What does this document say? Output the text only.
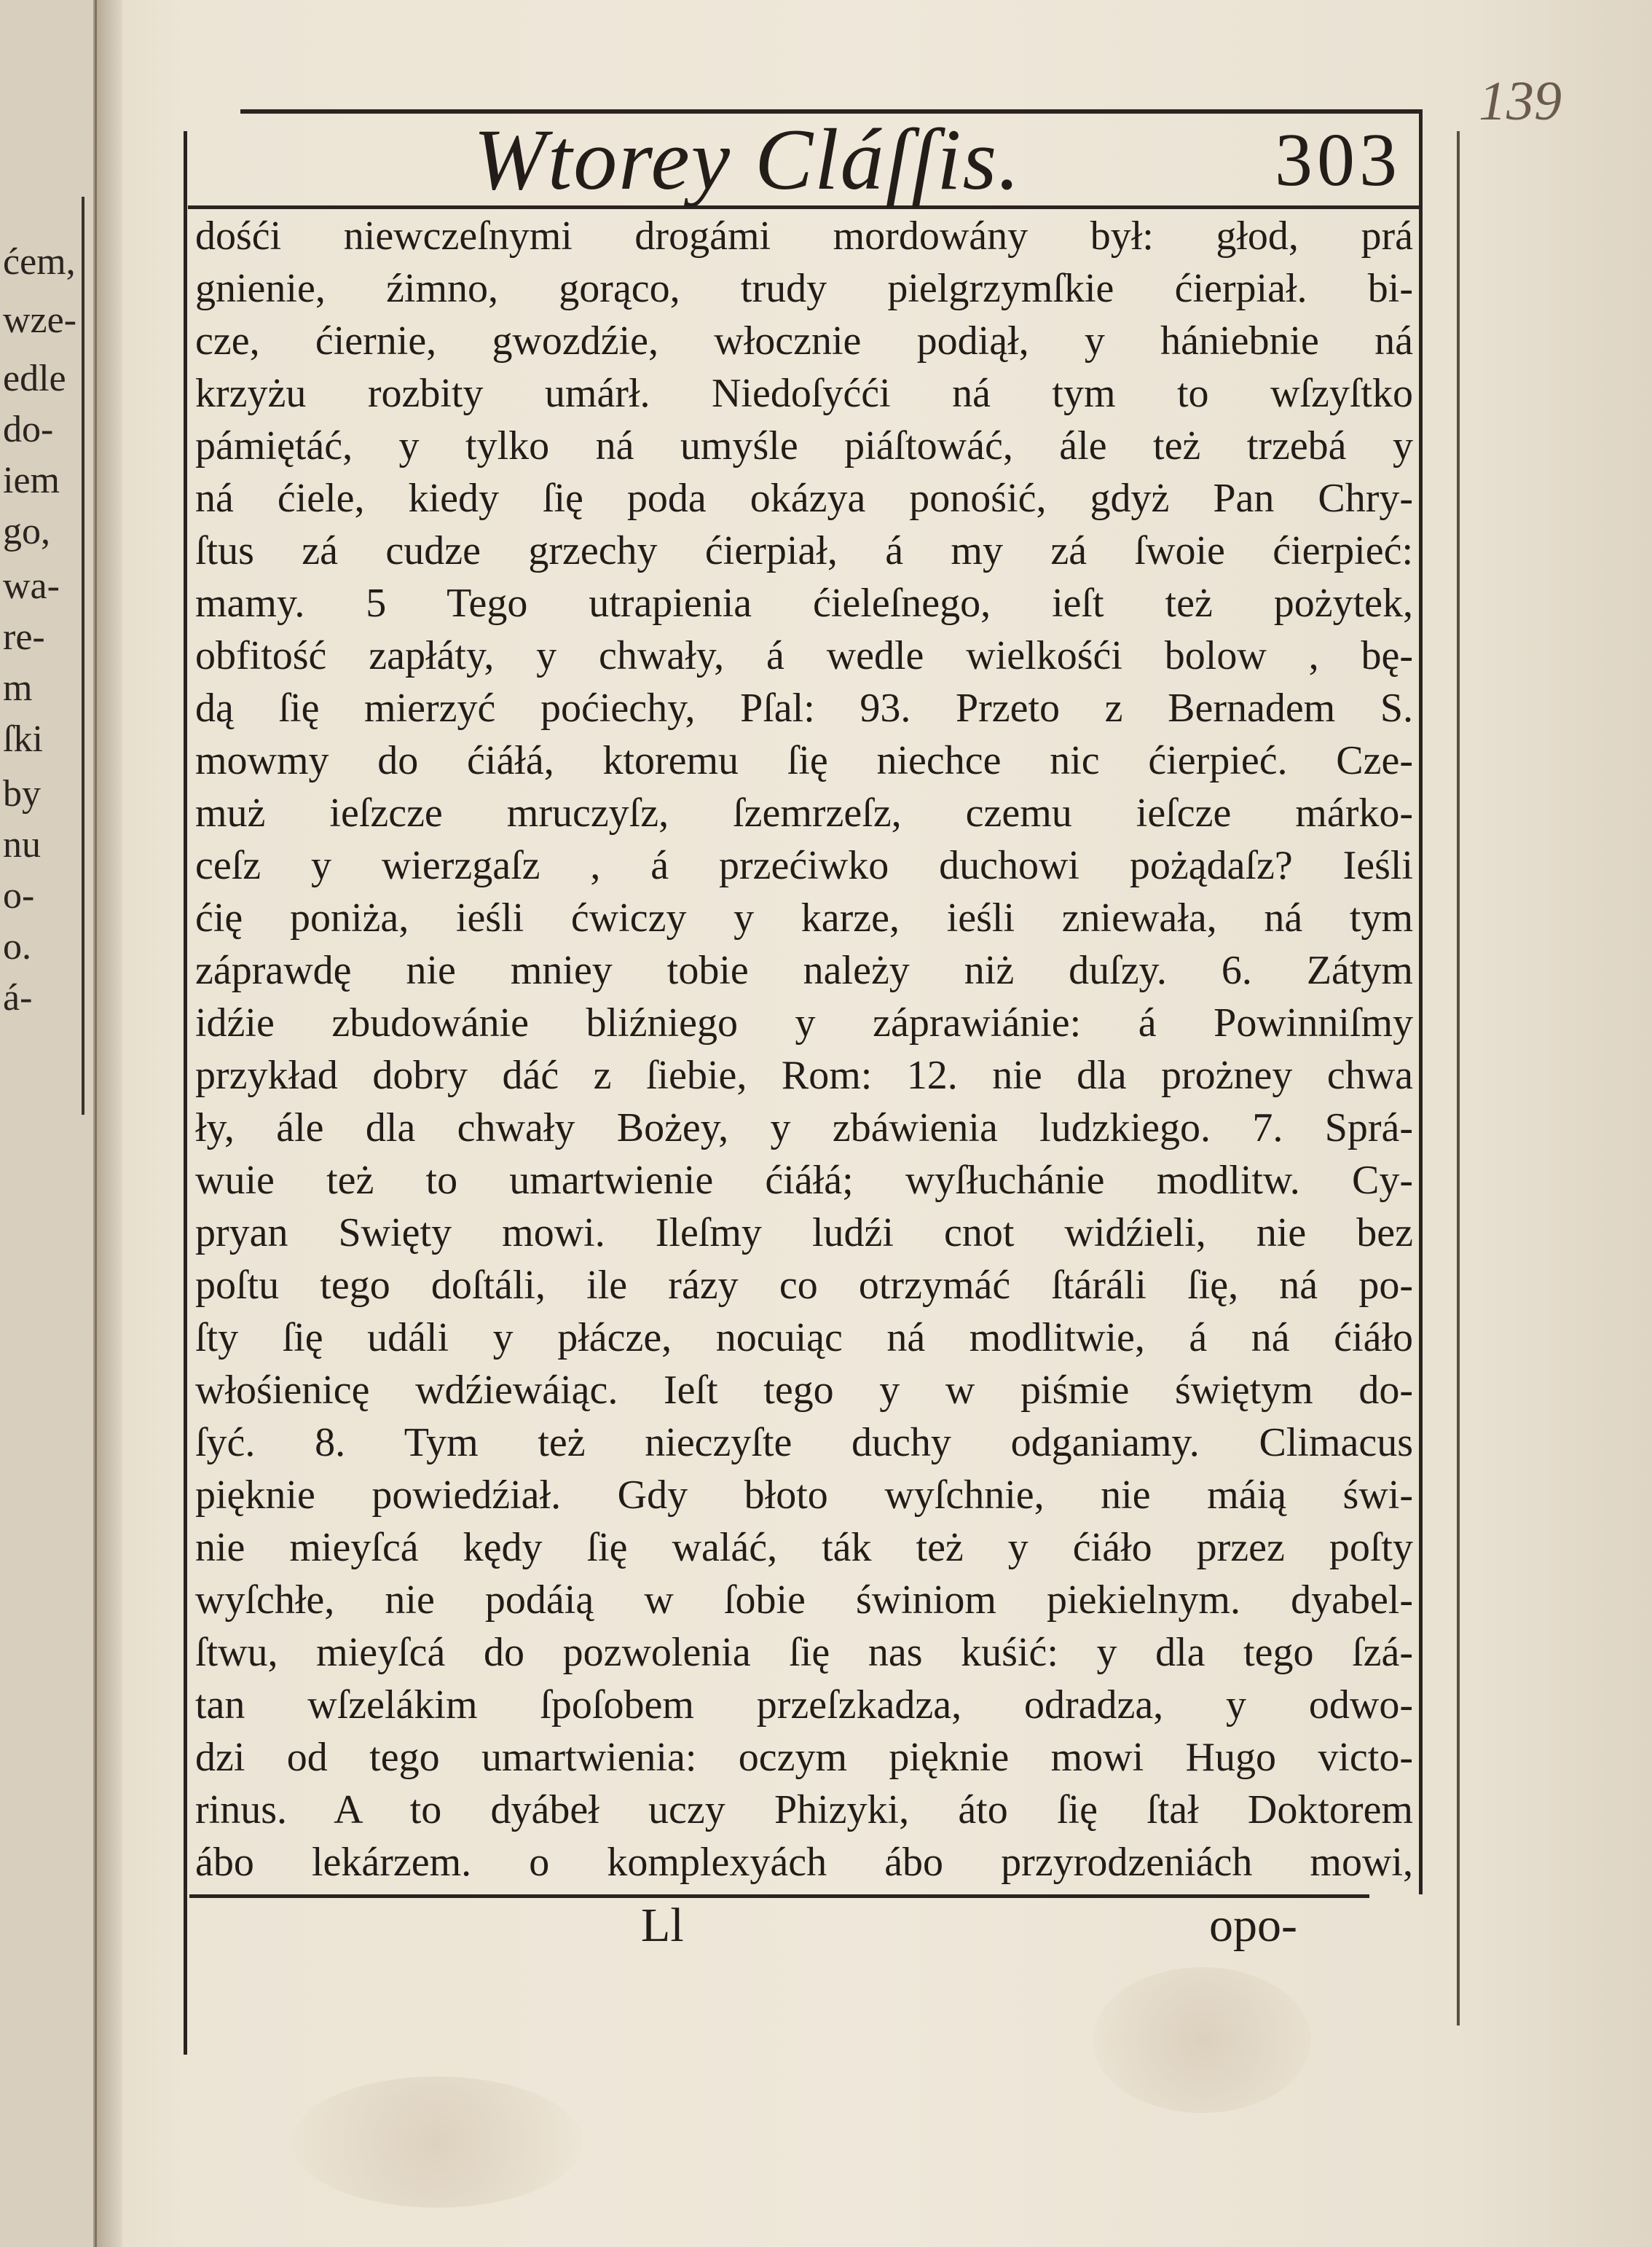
ćem,
wze-
edle
do-
iem
go,
wa-
re-
m
ſki
by
nu
o-
o.
á-
Wtorey Cláſſis.	303
139
dośći niewczeſnymi drogámi mordowány był: głod, prá
gnienie, źimno, gorąco, trudy pielgrzymſkie ćierpiał. bi-
cze, ćiernie, gwozdźie, włocznie podiął, y hániebnie ná
krzyżu rozbity umárł. Niedoſyćći ná tym to wſzyſtko
pámiętáć, y tylko ná umyśle piáſtowáć, ále też trzebá y
ná ćiele, kiedy ſię poda okázya ponośić, gdyż Pan Chry-
ſtus zá cudze grzechy ćierpiał, á my zá ſwoie ćierpieć:
mamy. 5 Tego utrapienia ćieleſnego, ieſt też pożytek,
obfitość zapłáty, y chwały, á wedle wielkośći bolow , bę-
dą ſię mierzyć poćiechy, Pſal: 93. Przeto z Bernadem S.
mowmy do ćiáłá, ktoremu ſię niechce nic ćierpieć. Cze-
muż ieſzcze mruczyſz, ſzemrzeſz, czemu ieſcze márko-
ceſz y wierzgaſz , á przećiwko duchowi pożądaſz? Ieśli
ćię poniża, ieśli ćwiczy y karze, ieśli zniewała, ná tym
záprawdę nie mniey tobie należy niż duſzy. 6. Zátym
idźie zbudowánie bliźniego y záprawiánie: á Powinniſmy
przykład dobry dáć z ſiebie, Rom: 12. nie dla prożney chwa
ły, ále dla chwały Bożey, y zbáwienia ludzkiego. 7. Sprá-
wuie też to umartwienie ćiáłá; wyſłuchánie modlitw. Cy-
pryan Swięty mowi. Ileſmy ludźi cnot widźieli, nie bez
poſtu tego doſtáli, ile rázy co otrzymáć ſtáráli ſię, ná po-
ſty ſię událi y płácze, nocuiąc ná modlitwie, á ná ćiáło
włośienicę wdźiewáiąc. Ieſt tego y w piśmie świętym do-
ſyć. 8. Tym też nieczyſte duchy odganiamy. Climacus
pięknie powiedźiał. Gdy błoto wyſchnie, nie máią świ-
nie mieyſcá kędy ſię waláć, ták też y ćiáło przez poſty
wyſchłe, nie podáią w ſobie świniom piekielnym. dyabel-
ſtwu, mieyſcá do pozwolenia ſię nas kuśić: y dla tego ſzá-
tan wſzelákim ſpoſobem przeſzkadza, odradza, y odwo-
dzi od tego umartwienia: oczym pięknie mowi Hugo victo-
rinus. A to dyábeł uczy Phizyki, áto ſię ſtał Doktorem
ábo lekárzem. o komplexyách ábo przyrodzeniách mowi,
Ll	opo-
